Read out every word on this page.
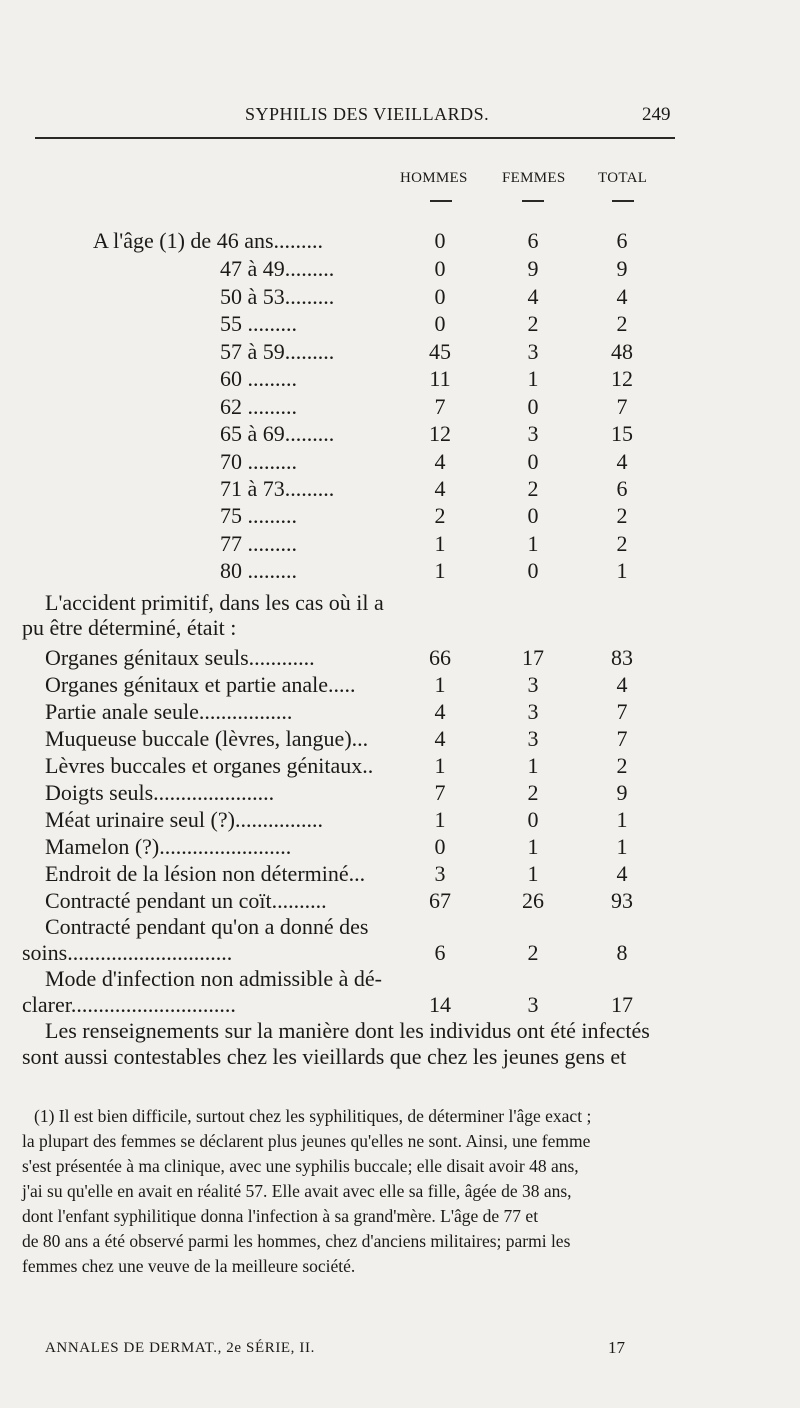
SYPHILIS DES VIEILLARDS.	249
HOMMES FEMMES TOTAL
A l'âge (1) de 46 ans.........	0	6	6
47 à 49.........	0	9	9
50 à 53.........	0	4	4
55 .........	0	2	2
57 à 59.........	45	3	48
60 .........	11	1	12
62 .........	7	0	7
65 à 69.........	12	3	15
70 .........	4	0	4
71 à 73.........	4	2	6
75 .........	2	0	2
77 .........	1	1	2
80 .........	1	0	1
L'accident primitif, dans les cas où il a
pu être déterminé, était :
Organes génitaux seuls............	66	17	83
Organes génitaux et partie anale.....	1	3	4
Partie anale seule.................	4	3	7
Muqueuse buccale (lèvres, langue)...	4	3	7
Lèvres buccales et organes génitaux..	1	1	2
Doigts seuls......................	7	2	9
Méat urinaire seul (?)................	1	0	1
Mamelon (?)........................	0	1	1
Endroit de la lésion non déterminé...	3	1	4
Contracté pendant un coït..........	67	26	93
Contracté pendant qu'on a donné des
soins..............................	6	2	8
Mode d'infection non admissible à dé-
clarer..............................	14	3	17
Les renseignements sur la manière dont les individus ont été infectés
sont aussi contestables chez les vieillards que chez les jeunes gens et
(1) Il est bien difficile, surtout chez les syphilitiques, de déterminer l'âge exact ;
la plupart des femmes se déclarent plus jeunes qu'elles ne sont. Ainsi, une femme
s'est présentée à ma clinique, avec une syphilis buccale; elle disait avoir 48 ans,
j'ai su qu'elle en avait en réalité 57. Elle avait avec elle sa fille, âgée de 38 ans,
dont l'enfant syphilitique donna l'infection à sa grand'mère. L'âge de 77 et
de 80 ans a été observé parmi les hommes, chez d'anciens militaires; parmi les
femmes chez une veuve de la meilleure société.
ANNALES DE DERMAT., 2e SÉRIE, II.	17
